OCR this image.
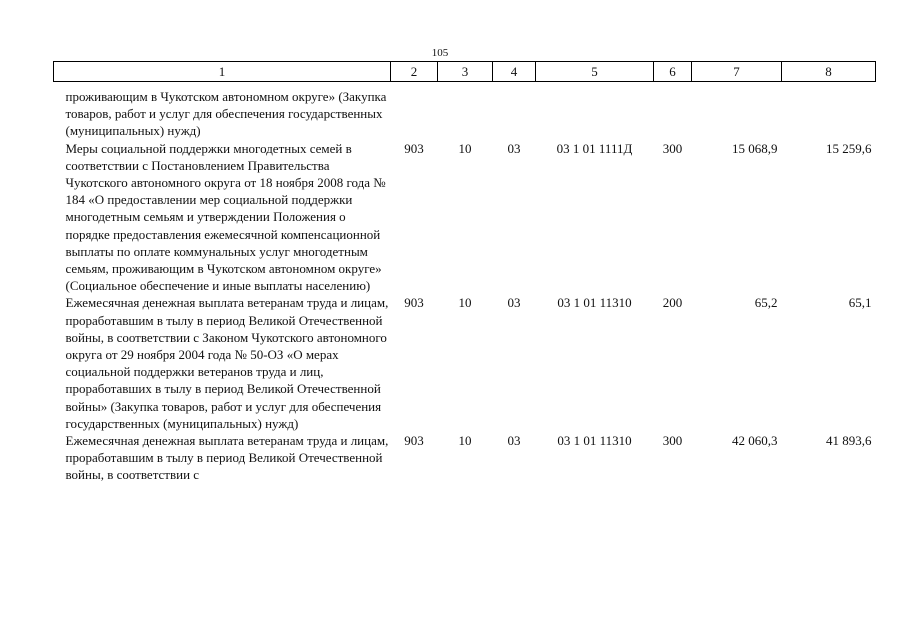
105
1	2	3	4	5	6	7	8
проживающим в Чукотском автономном округе» (Закупка товаров, работ и услуг для обеспечения государственных (муниципальных) нужд)							
Меры социальной поддержки многодетных семей в соответствии с Постановлением Правительства Чукотского автономного округа от 18 ноября 2008 года № 184 «О предоставлении мер социальной поддержки многодетным семьям и утверждении Положения о порядке предоставления ежемесячной компенсационной выплаты по оплате коммунальных услуг многодетным семьям, проживающим в Чукотском автономном округе» (Социальное обеспечение и иные выплаты населению)	903	10	03	03 1 01 1111Д	300	15 068,9	15 259,6
Ежемесячная денежная выплата ветеранам труда и лицам, проработавшим в тылу в период Великой Отечественной войны, в соответствии с Законом Чукотского автономного округа от 29 ноября 2004 года № 50-ОЗ «О мерах социальной поддержки ветеранов труда и лиц, проработавших в тылу в период Великой Отечественной войны» (Закупка товаров, работ и услуг для обеспечения государственных (муниципальных) нужд)	903	10	03	03 1 01 11310	200	65,2	65,1
Ежемесячная денежная выплата ветеранам труда и лицам, проработавшим в тылу в период Великой Отечественной войны, в соответствии с	903	10	03	03 1 01 11310	300	42 060,3	41 893,6
